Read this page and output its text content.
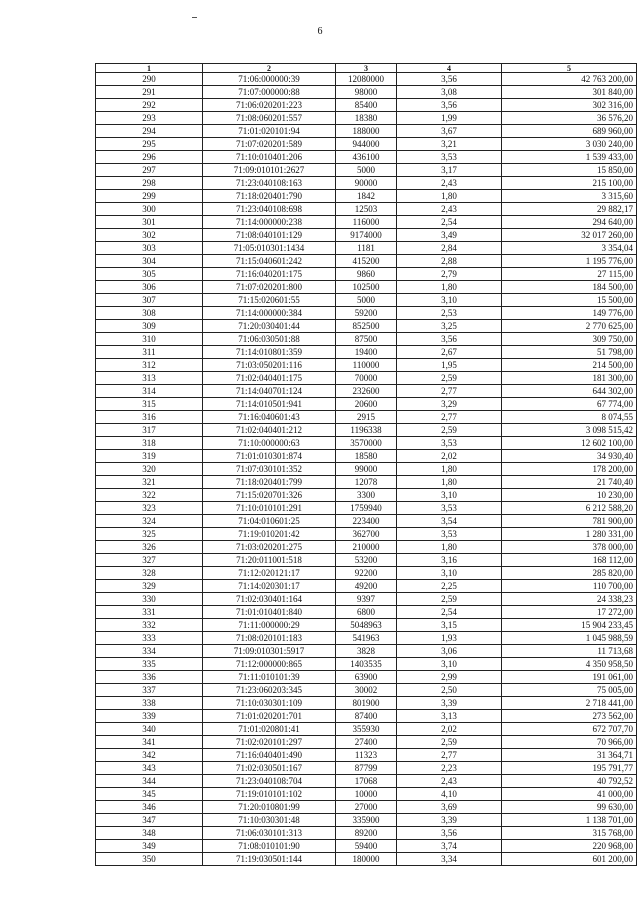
6
1	2	3	4	5
290	71:06:000000:39	12080000	3,56	42 763 200,00
291	71:07:000000:88	98000	3,08	301 840,00
292	71:06:020201:223	85400	3,56	302 316,00
293	71:08:060201:557	18380	1,99	36 576,20
294	71:01:020101:94	188000	3,67	689 960,00
295	71:07:020201:589	944000	3,21	3 030 240,00
296	71:10:010401:206	436100	3,53	1 539 433,00
297	71:09:010101:2627	5000	3,17	15 850,00
298	71:23:040108:163	90000	2,43	215 100,00
299	71:18:020401:790	1842	1,80	3 315,60
300	71:23:040108:698	12503	2,43	29 882,17
301	71:14:000000:238	116000	2,54	294 640,00
302	71:08:040101:129	9174000	3,49	32 017 260,00
303	71:05:010301:1434	1181	2,84	3 354,04
304	71:15:040601:242	415200	2,88	1 195 776,00
305	71:16:040201:175	9860	2,79	27 115,00
306	71:07:020201:800	102500	1,80	184 500,00
307	71:15:020601:55	5000	3,10	15 500,00
308	71:14:000000:384	59200	2,53	149 776,00
309	71:20:030401:44	852500	3,25	2 770 625,00
310	71:06:030501:88	87500	3,56	309 750,00
311	71:14:010801:359	19400	2,67	51 798,00
312	71:03:050201:116	110000	1,95	214 500,00
313	71:02:040401:175	70000	2,59	181 300,00
314	71:14:040701:124	232600	2,77	644 302,00
315	71:14:010501:941	20600	3,29	67 774,00
316	71:16:040601:43	2915	2,77	8 074,55
317	71:02:040401:212	1196338	2,59	3 098 515,42
318	71:10:000000:63	3570000	3,53	12 602 100,00
319	71:01:010301:874	18580	2,02	34 930,40
320	71:07:030101:352	99000	1,80	178 200,00
321	71:18:020401:799	12078	1,80	21 740,40
322	71:15:020701:326	3300	3,10	10 230,00
323	71:10:010101:291	1759940	3,53	6 212 588,20
324	71:04:010601:25	223400	3,54	781 900,00
325	71:19:010201:42	362700	3,53	1 280 331,00
326	71:03:020201:275	210000	1,80	378 000,00
327	71:20:011001:518	53200	3,16	168 112,00
328	71:12:020121:17	92200	3,10	285 820,00
329	71:14:020301:17	49200	2,25	110 700,00
330	71:02:030401:164	9397	2,59	24 338,23
331	71:01:010401:840	6800	2,54	17 272,00
332	71:11:000000:29	5048963	3,15	15 904 233,45
333	71:08:020101:183	541963	1,93	1 045 988,59
334	71:09:010301:5917	3828	3,06	11 713,68
335	71:12:000000:865	1403535	3,10	4 350 958,50
336	71:11:010101:39	63900	2,99	191 061,00
337	71:23:060203:345	30002	2,50	75 005,00
338	71:10:030301:109	801900	3,39	2 718 441,00
339	71:01:020201:701	87400	3,13	273 562,00
340	71:01:020801:41	355930	2,02	672 707,70
341	71:02:020101:297	27400	2,59	70 966,00
342	71:16:040401:490	11323	2,77	31 364,71
343	71:02:030501:167	87799	2,23	195 791,77
344	71:23:040108:704	17068	2,43	40 792,52
345	71:19:010101:102	10000	4,10	41 000,00
346	71:20:010801:99	27000	3,69	99 630,00
347	71:10:030301:48	335900	3,39	1 138 701,00
348	71:06:030101:313	89200	3,56	315 768,00
349	71:08:010101:90	59400	3,74	220 968,00
350	71:19:030501:144	180000	3,34	601 200,00
